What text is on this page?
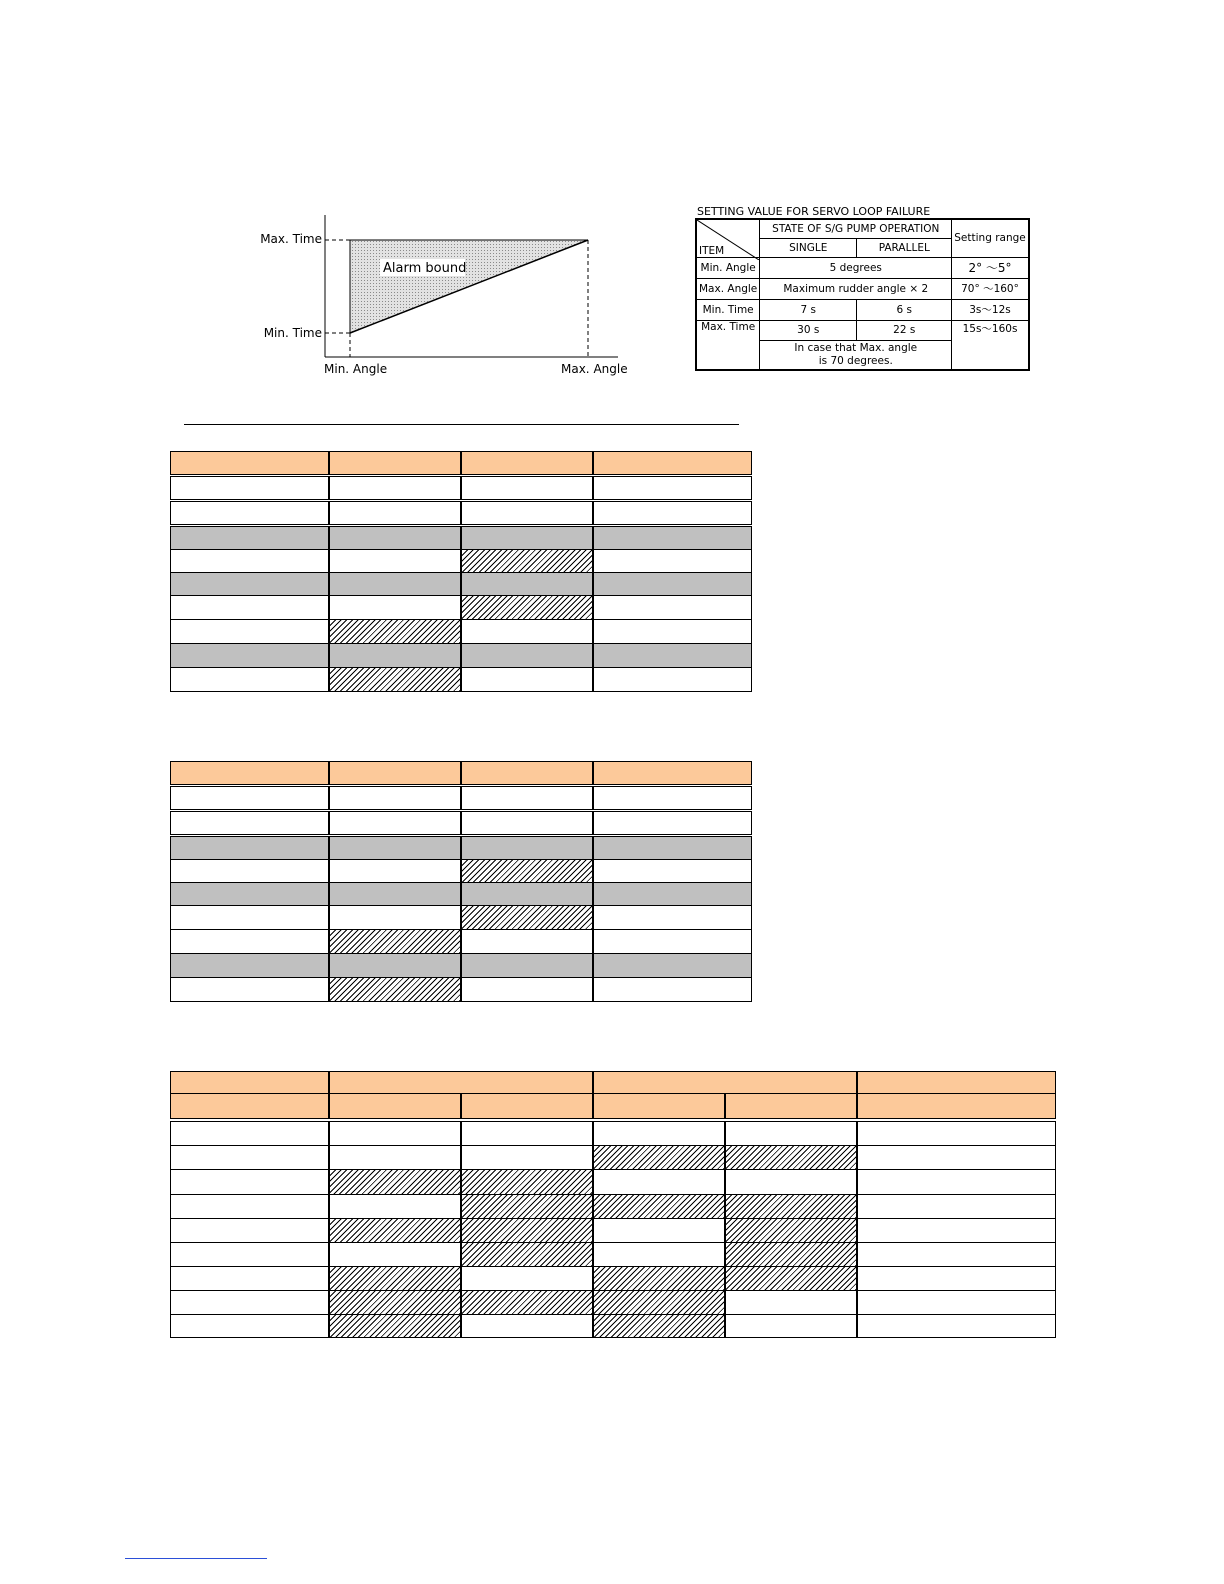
Max. Time
Min. Time
Min. Angle	Max. Angle
Alarm bound
SETTING VALUE FOR SERVO LOOP FAILURE
ITEM	STATE OF S/G PUMP OPERATION		Setting range
	SINGLE	PARALLEL	
Min. Angle	5 degrees		2° ～5°
Max. Angle	Maximum rudder angle × 2		70° ～160°
Min. Time	7 s	6 s	3s～12s
Max. Time	30 s	22 s	15s～160s
	In case that Max. angle is 70 degrees.		
